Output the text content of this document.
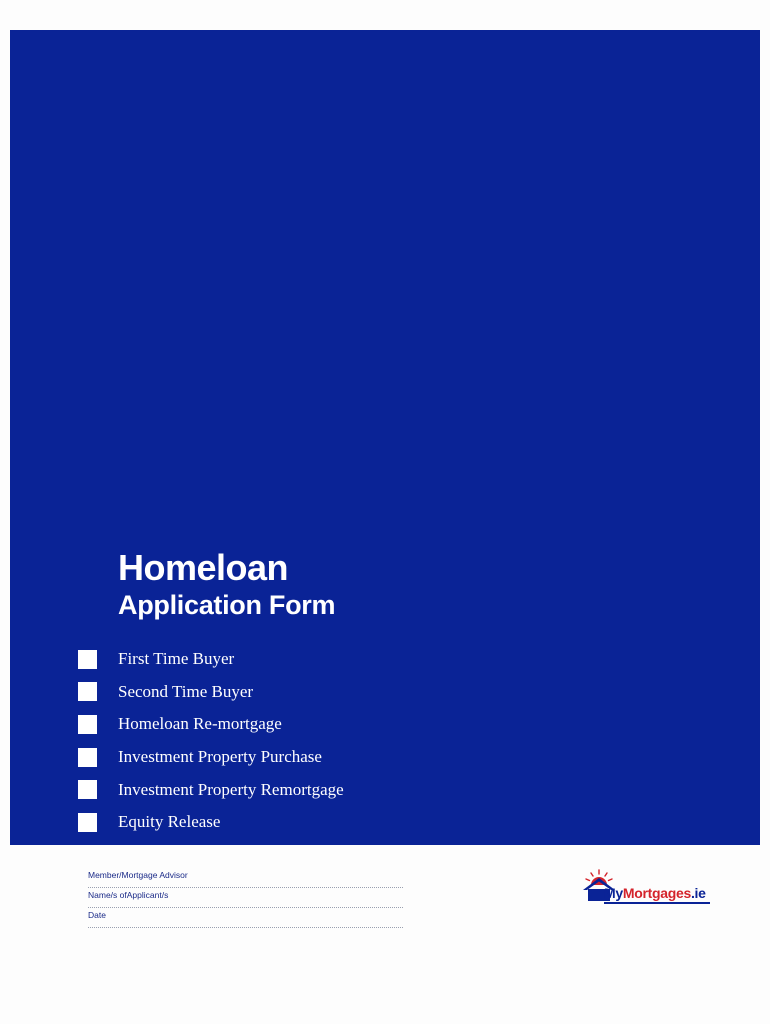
Homeloan
Application Form
First Time Buyer
Second Time Buyer
Homeloan Re-mortgage
Investment Property Purchase
Investment Property Remortgage
Equity Release
Member/Mortgage Advisor
Name/s ofApplicant/s
Date
MyMortgages.ie
